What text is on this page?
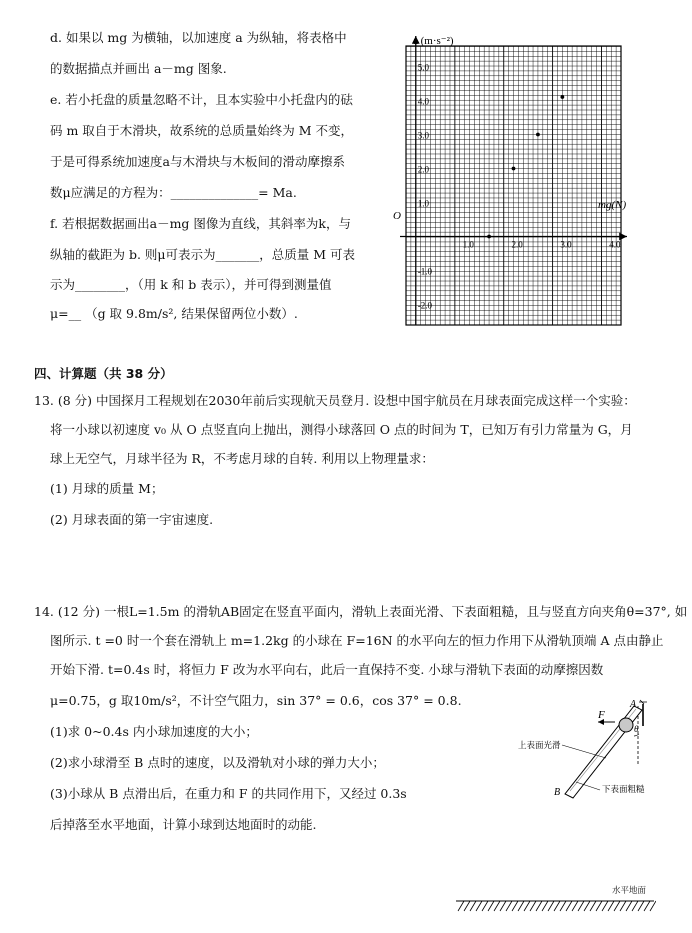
d. 如果以 mg 为横轴，以加速度 a 为纵轴，将表格中
的数据描点并画出 a－mg 图象.
e. 若小托盘的质量忽略不计，且本实验中小托盘内的砝
码 m 取自于木滑块，故系统的总质量始终为 M 不变，
于是可得系统加速度a与木滑块与木板间的滑动摩擦系
数μ应满足的方程为：______________= Ma.
f. 若根据数据画出a－mg 图像为直线，其斜率为k，与
纵轴的截距为 b. 则μ可表示为_______，总质量 M 可表
示为________，（用 k 和 b 表示），并可得到测量值
μ=__ （g 取 9.8m/s², 结果保留两位小数）.
5.0
4.0
3.0
2.0
1.0
-1.0
-2.0
1.0	2.0	3.0	4.0
a (m·s⁻²)
mg(N)
O
四、计算题（共 38 分）
13. (8 分) 中国探月工程规划在2030年前后实现航天员登月. 设想中国宇航员在月球表面完成这样一个实验：
将一小球以初速度 v₀ 从 O 点竖直向上抛出，测得小球落回 O 点的时间为 T，已知万有引力常量为 G，月
球上无空气，月球半径为 R，不考虑月球的自转. 利用以上物理量求：
(1) 月球的质量 M；
(2) 月球表面的第一宇宙速度.
14. (12 分) 一根L=1.5m 的滑轨AB固定在竖直平面内，滑轨上表面光滑、下表面粗糙，且与竖直方向夹角θ=37°, 如
图所示. t =0 时一个套在滑轨上 m=1.2kg 的小球在 F=16N 的水平向左的恒力作用下从滑轨顶端 A 点由静止
开始下滑. t=0.4s 时，将恒力 F 改为水平向右，此后一直保持不变. 小球与滑轨下表面的动摩擦因数
μ=0.75，g 取10m/s²，不计空气阻力，sin 37° = 0.6，cos 37° = 0.8.
(1)求 0~0.4s 内小球加速度的大小；
(2)求小球滑至 B 点时的速度，以及滑轨对小球的弹力大小；
(3)小球从 B 点滑出后，在重力和 F 的共同作用下，又经过 0.3s
后掉落至水平地面，计算小球到达地面时的动能.
F
A
θ
上表面光滑
B	下表面粗糙
水平地面
